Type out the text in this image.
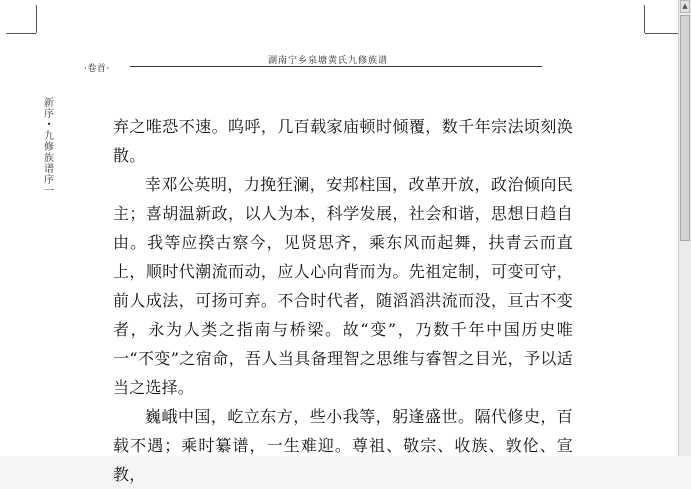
·卷首·
湖南宁乡泉塘黄氏九修族谱
新
序
•
九
修
族
谱
序
一

弃之唯恐不速。呜呼，几百载家庙顿时倾覆，数千年宗法顷刻涣散。

幸邓公英明，力挽狂澜，安邦柱国，改革开放，政治倾向民主；喜胡温新政，以人为本，科学发展，社会和谐，思想日趋自由。我等应揆古察今，见贤思齐，乘东风而起舞，扶青云而直上，顺时代潮流而动，应人心向背而为。先祖定制，可变可守，前人成法，可扬可弃。不合时代者，随滔滔洪流而没，亘古不变者，永为人类之指南与桥梁。故“变”，乃数千年中国历史唯一“不变”之宿命，吾人当具备理智之思维与睿智之目光，予以适当之选择。

巍峨中国，屹立东方，些小我等，躬逢盛世。隔代修史，百载不遇；乘时纂谱，一生难迎。尊祖、敬宗、收族、敦伦、宣教，

▲
